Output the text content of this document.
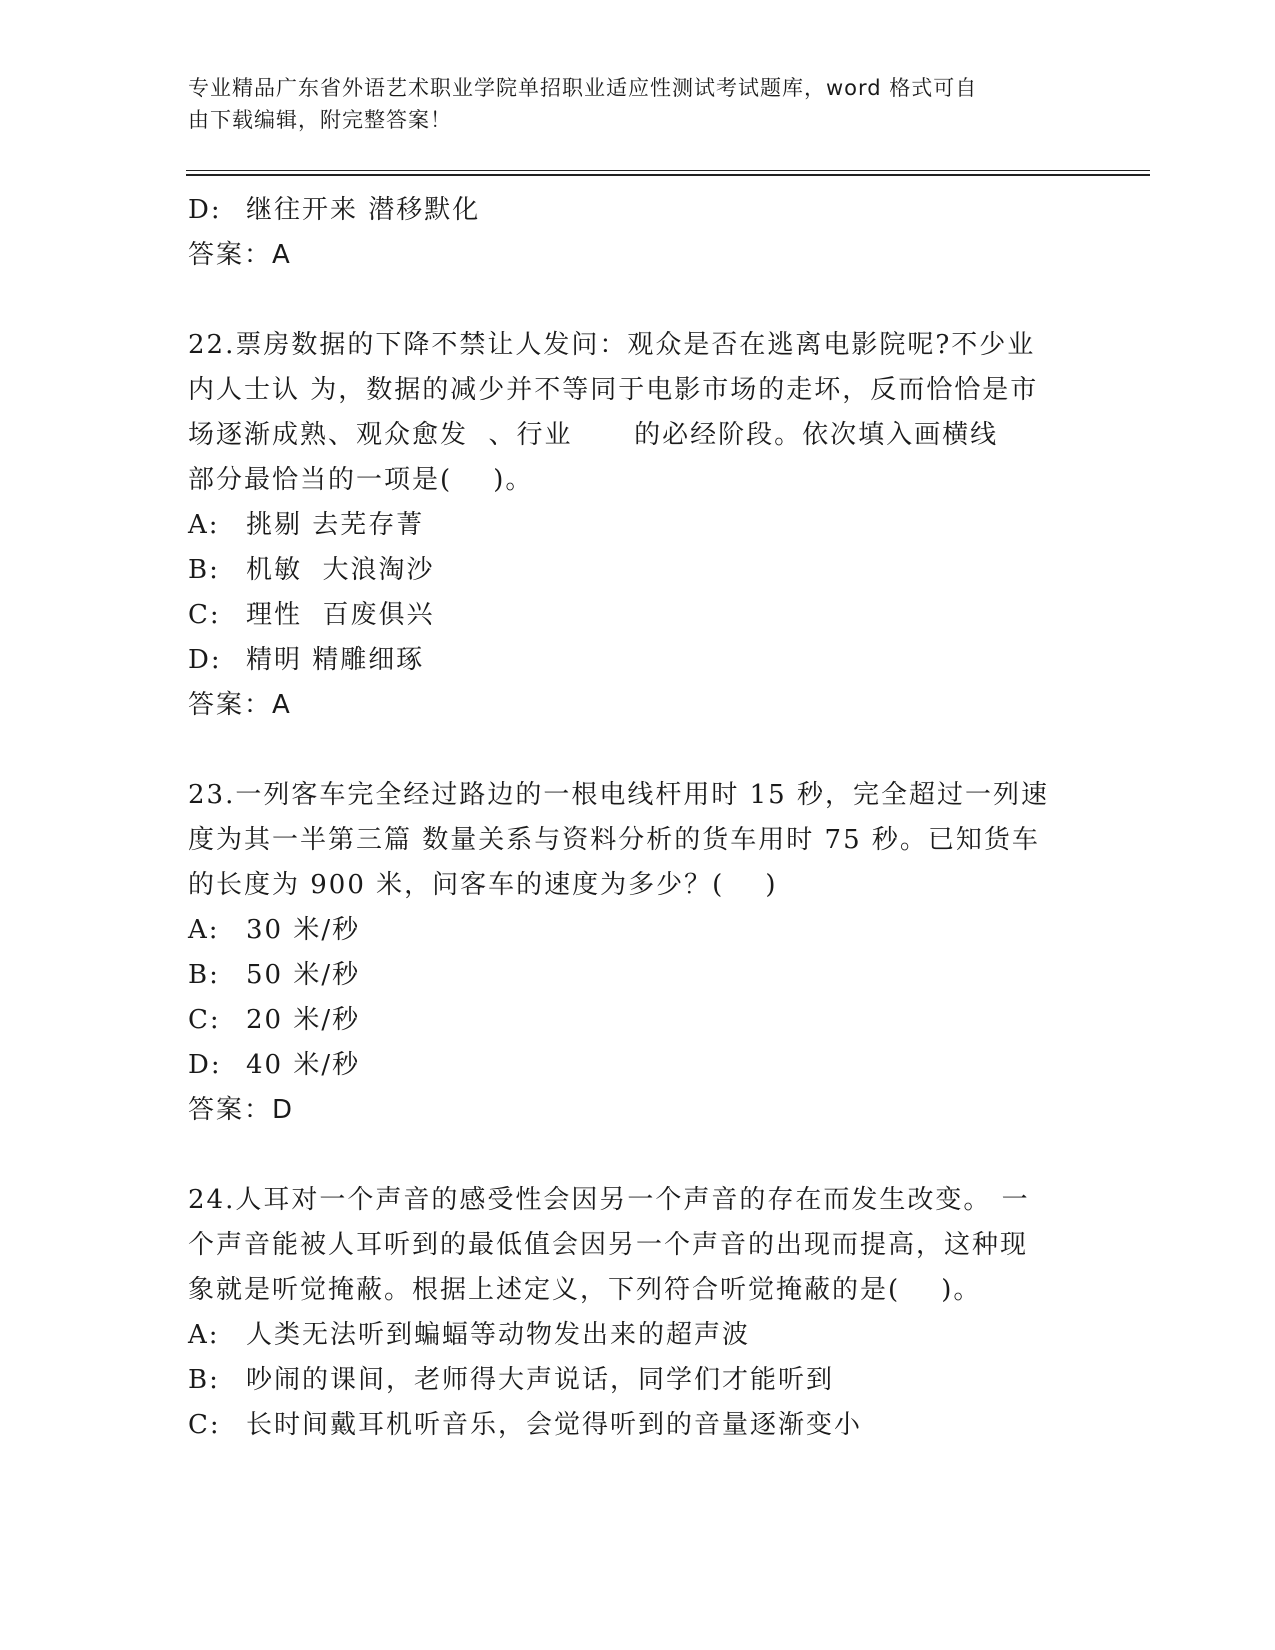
专业精品广东省外语艺术职业学院单招职业适应性测试考试题库，word 格式可自
由下载编辑，附完整答案！
D: 继往开来 潜移默化
答案：A
22.票房数据的下降不禁让人发问：观众是否在逃离电影院呢?不少业
内人士认 为，数据的减少并不等同于电影市场的走坏，反而恰恰是市
场逐渐成熟、观众愈发  、行业      的必经阶段。依次填入画横线
部分最恰当的一项是(    )。
A: 挑剔 去芜存菁
B: 机敏  大浪淘沙
C: 理性  百废俱兴
D: 精明 精雕细琢
答案：A
23.一列客车完全经过路边的一根电线杆用时 15 秒，完全超过一列速
度为其一半第三篇 数量关系与资料分析的货车用时 75 秒。已知货车
的长度为 900 米，问客车的速度为多少？(    )
A: 30 米/秒
B: 50 米/秒
C: 20 米/秒
D: 40 米/秒
答案：D
24.人耳对一个声音的感受性会因另一个声音的存在而发生改变。 一
个声音能被人耳听到的最低值会因另一个声音的出现而提高，这种现
象就是听觉掩蔽。根据上述定义，下列符合听觉掩蔽的是(    )。
A: 人类无法听到蝙蝠等动物发出来的超声波
B: 吵闹的课间，老师得大声说话，同学们才能听到
C: 长时间戴耳机听音乐，会觉得听到的音量逐渐变小
